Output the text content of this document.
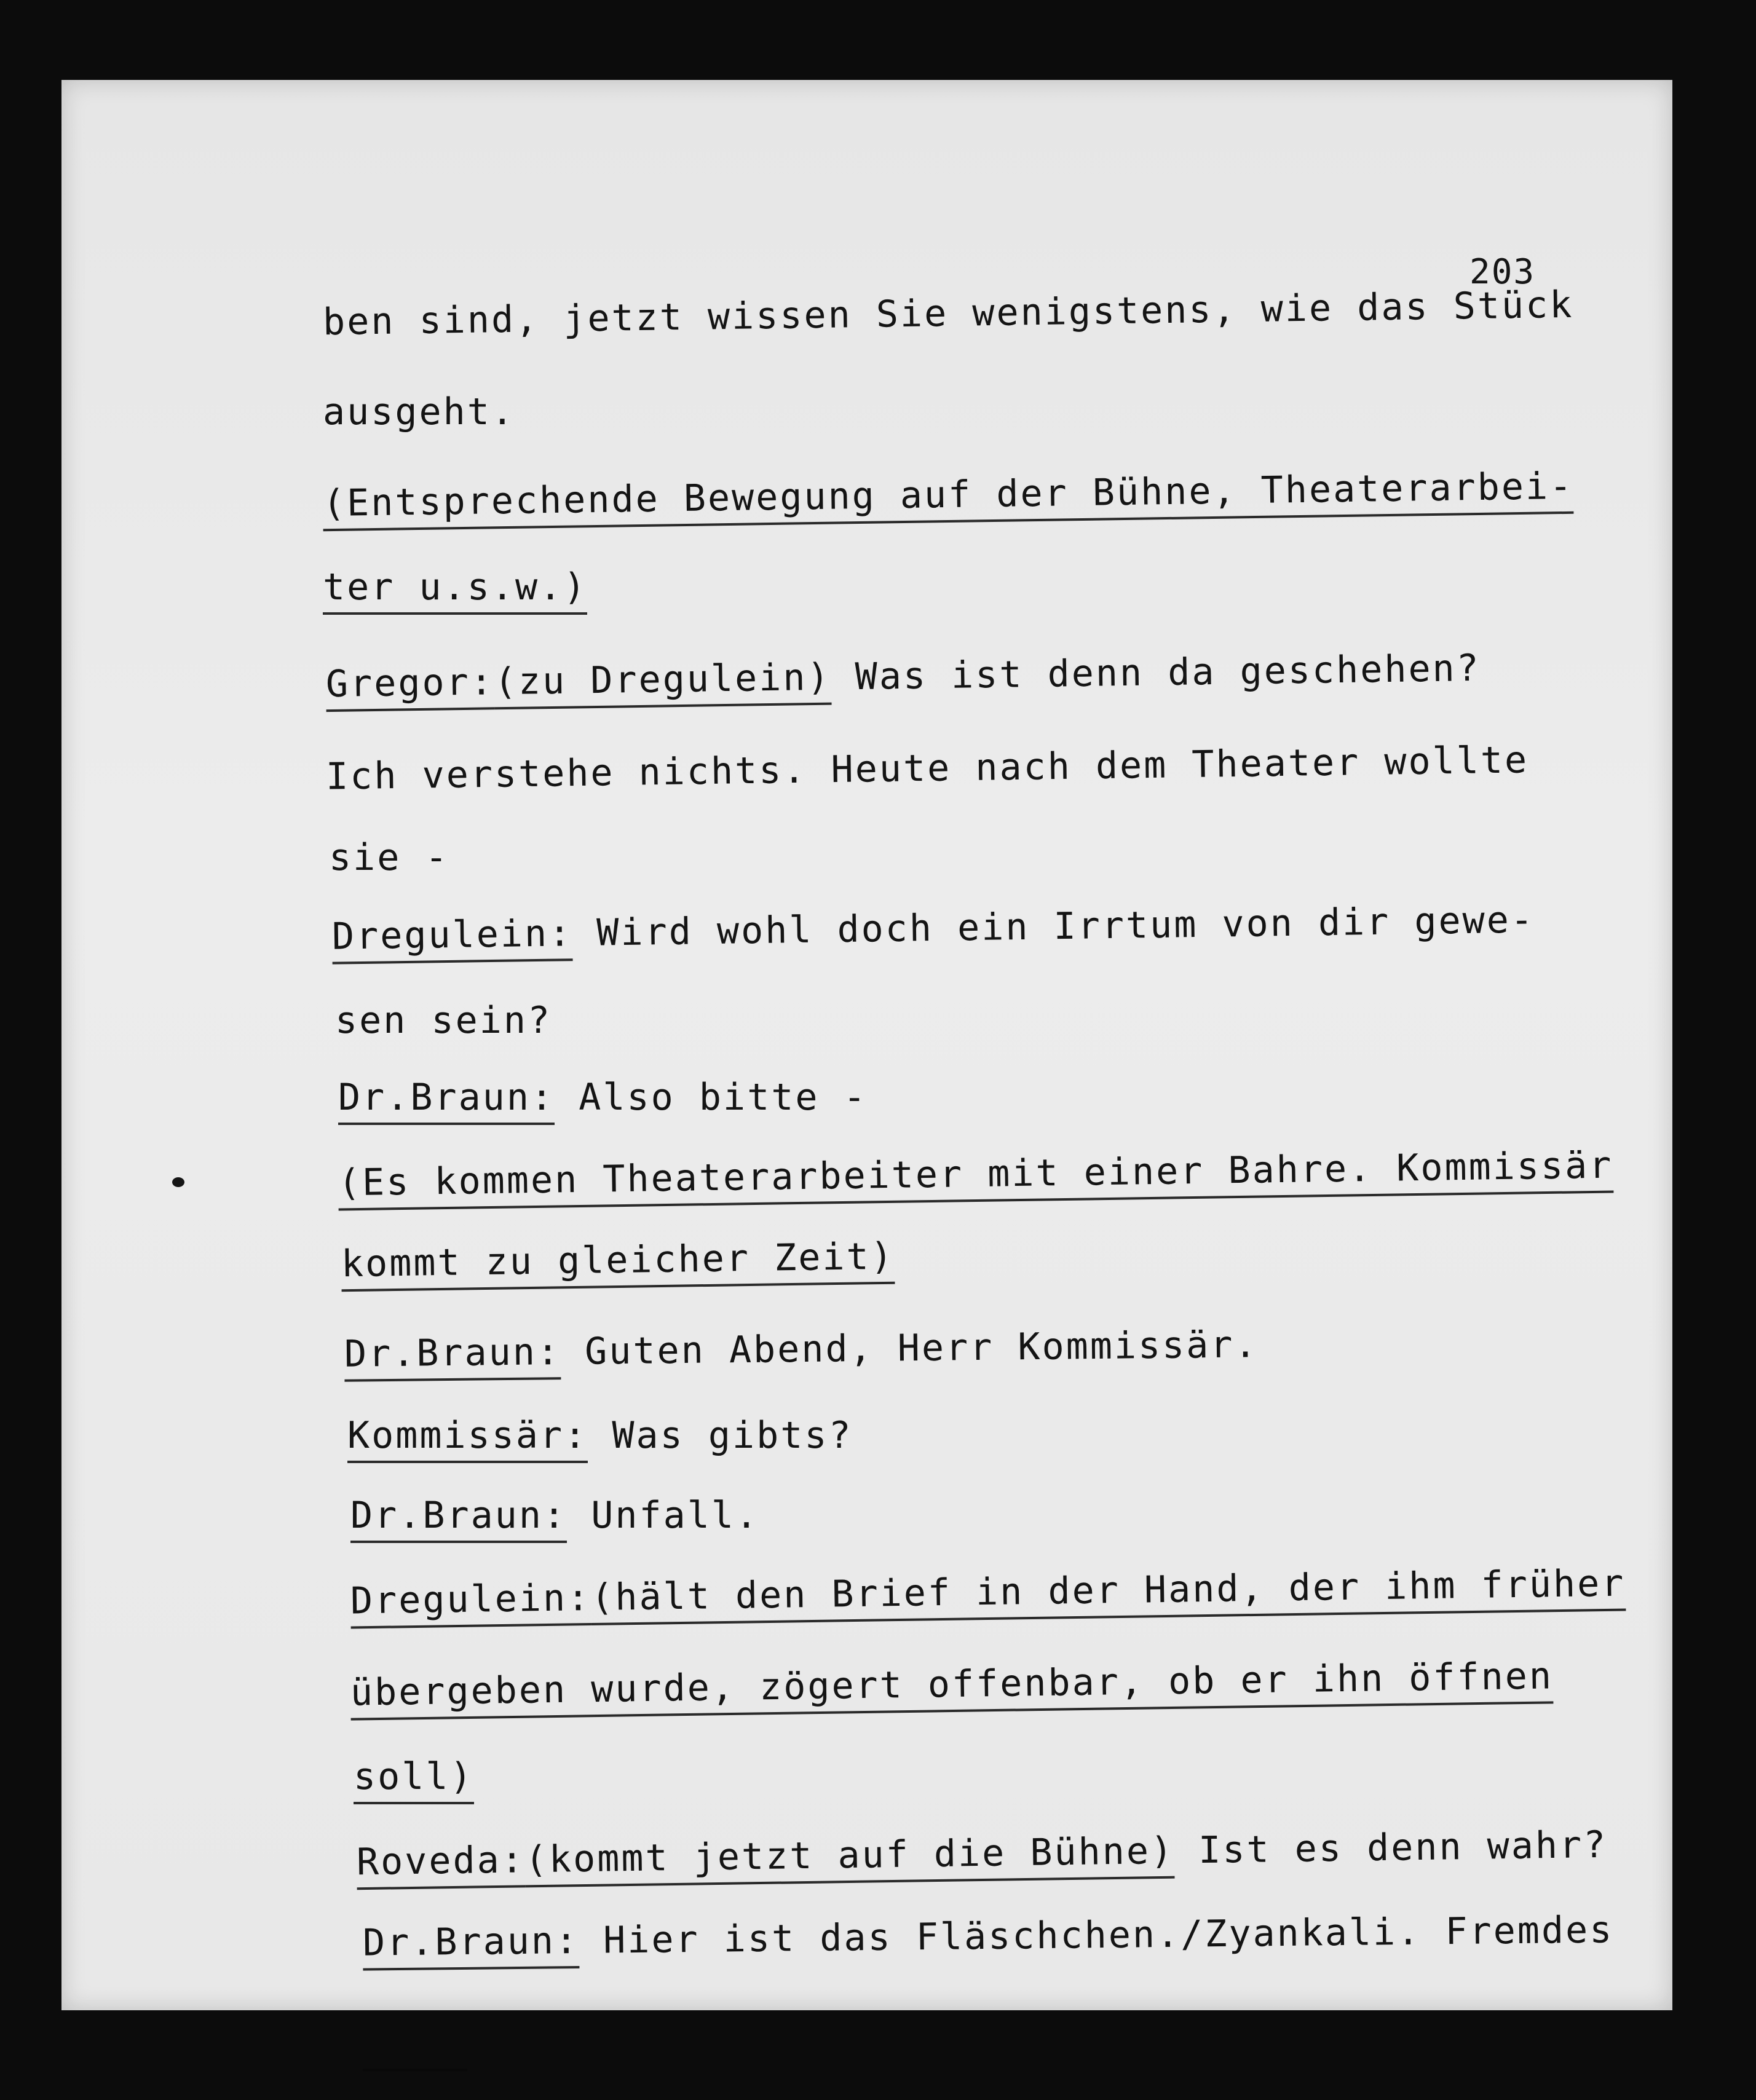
203
ben sind, jetzt wissen Sie wenigstens, wie das Stück
ausgeht.
(Entsprechende Bewegung auf der Bühne, Theaterarbei-
ter u.s.w.)
Gregor:(zu Dregulein) Was ist denn da geschehen?
Ich verstehe nichts. Heute nach dem Theater wollte
sie -
Dregulein: Wird wohl doch ein Irrtum von dir gewe-
sen sein?
Dr.Braun: Also bitte -
(Es kommen Theaterarbeiter mit einer Bahre. Kommissär
kommt zu gleicher Zeit)
Dr.Braun: Guten Abend, Herr Kommissär.
Kommissär: Was gibts?
Dr.Braun: Unfall.
Dregulein:(hält den Brief in der Hand, der ihm früher
übergeben wurde, zögert offenbar, ob er ihn öffnen
soll)
Roveda:(kommt jetzt auf die Bühne) Ist es denn wahr?
Dr.Braun: Hier ist das Fläschchen./Zyankali. Fremdes
